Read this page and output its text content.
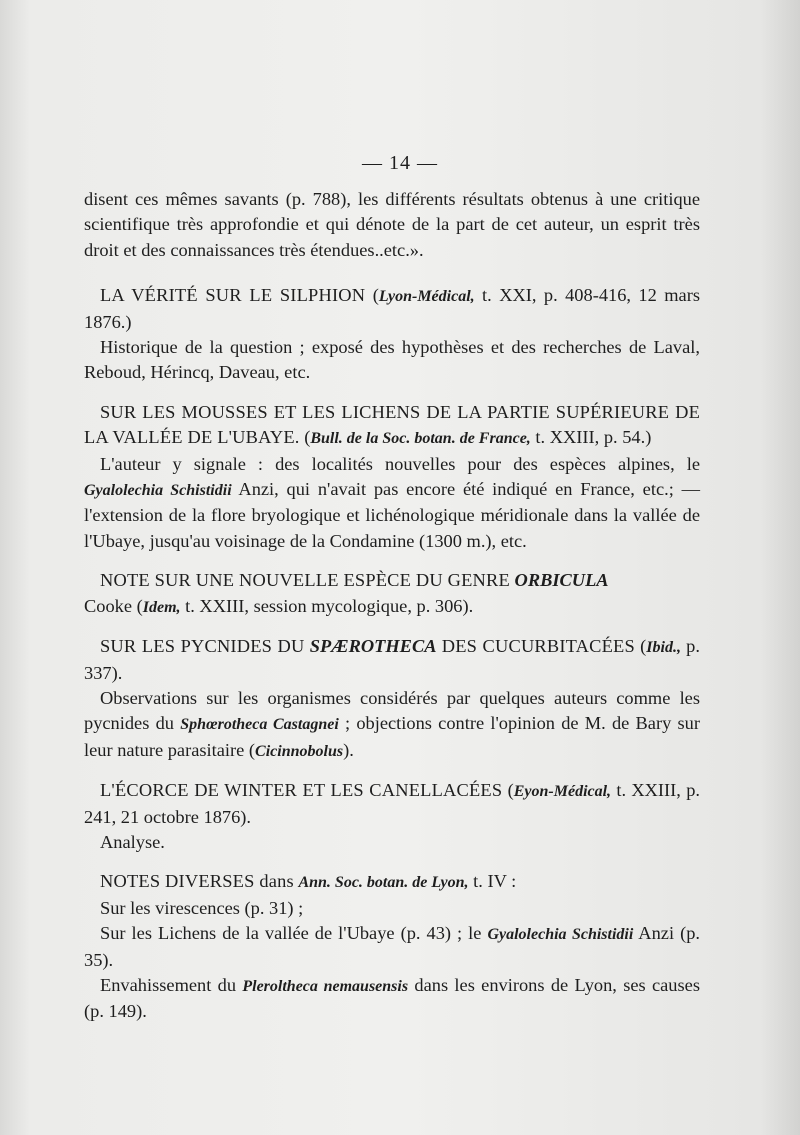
— 14 —

disent ces mêmes savants (p. 788), les différents résultats obtenus à une critique scientifique très approfondie et qui dénote de la part de cet auteur, un esprit très droit et des connaissances très étendues..etc.».

LA VÉRITÉ SUR LE SILPHION (Lyon-Médical, t. XXI, p. 408-416, 12 mars 1876.)

Historique de la question ; exposé des hypothèses et des recherches de Laval, Reboud, Hérincq, Daveau, etc.

SUR LES MOUSSES ET LES LICHENS DE LA PARTIE SUPÉRIEURE DE LA VALLÉE DE L'UBAYE. (Bull. de la Soc. botan. de France, t. XXIII, p. 54.)

L'auteur y signale : des localités nouvelles pour des espèces alpines, le Gyalolechia Schistidii Anzi, qui n'avait pas encore été indiqué en France, etc.; — l'extension de la flore bryologique et lichénologique méridionale dans la vallée de l'Ubaye, jusqu'au voisinage de la Condamine (1300 m.), etc.

NOTE SUR UNE NOUVELLE ESPÈCE DU GENRE ORBICULA

Cooke (Idem, t. XXIII, session mycologique, p. 306).

SUR LES PYCNIDES DU SPÆROTHECA DES CUCURBITACÉES (Ibid., p. 337).

Observations sur les organismes considérés par quelques auteurs comme les pycnides du Sphœrotheca Castagnei ; objections contre l'opinion de M. de Bary sur leur nature parasitaire (Cicinnobolus).

L'ÉCORCE DE WINTER ET LES CANELLACÉES (Eyon-Médical, t. XXIII, p. 241, 21 octobre 1876).

Analyse.

NOTES DIVERSES dans Ann. Soc. botan. de Lyon, t. IV :

Sur les virescences (p. 31) ;

Sur les Lichens de la vallée de l'Ubaye (p. 43) ; le Gyalolechia Schistidii Anzi (p. 35).

Envahissement du Pleroltheca nemausensis dans les environs de Lyon, ses causes (p. 149).
